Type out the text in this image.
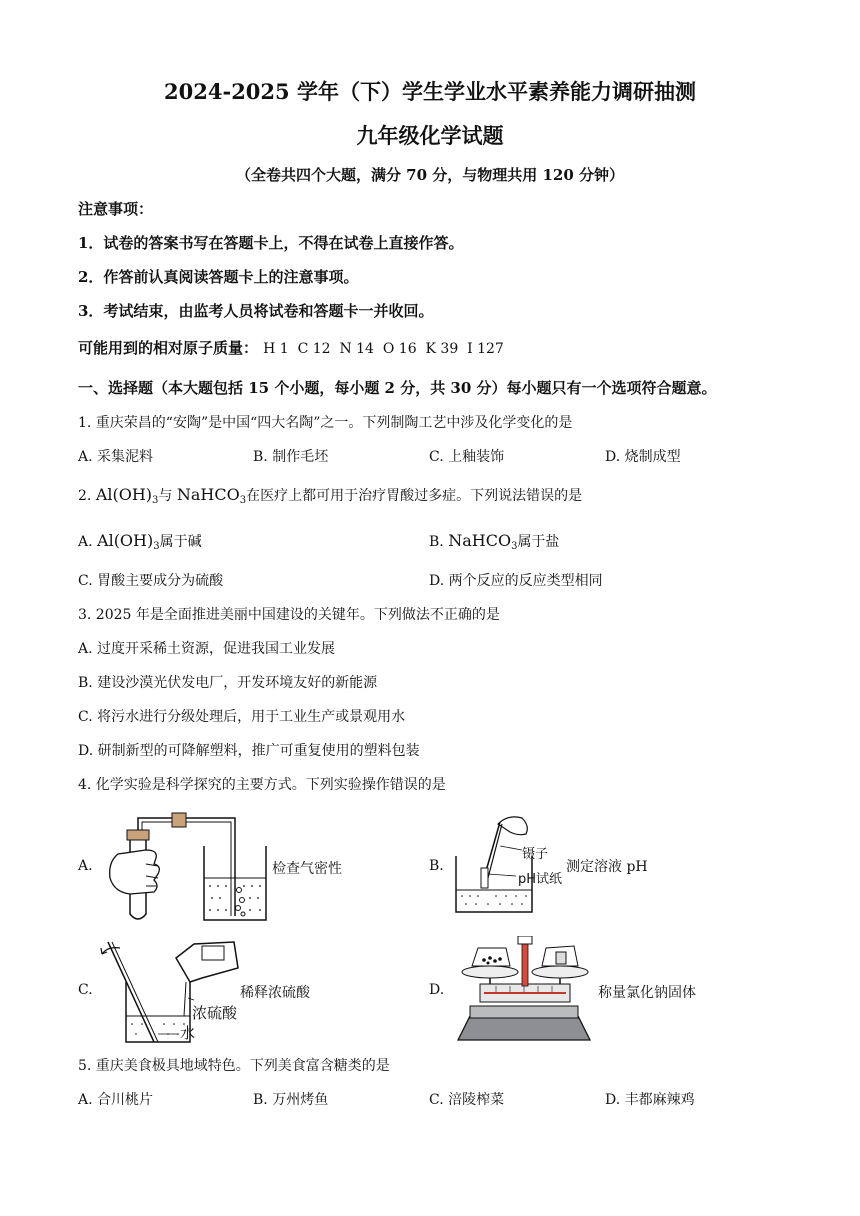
2024-2025 学年（下）学生学业水平素养能力调研抽测
九年级化学试题
（全卷共四个大题，满分 70 分，与物理共用 120 分钟）
注意事项：
1．试卷的答案书写在答题卡上，不得在试卷上直接作答。
2．作答前认真阅读答题卡上的注意事项。
3．考试结束，由监考人员将试卷和答题卡一并收回。
可能用到的相对原子质量： H 1  C 12  N 14  O 16  K 39  I 127
一、选择题（本大题包括 15 个小题，每小题 2 分，共 30 分）每小题只有一个选项符合题意。
1. 重庆荣昌的“安陶”是中国“四大名陶”之一。下列制陶工艺中涉及化学变化的是
A. 采集泥料	B. 制作毛坯	C. 上釉装饰	D. 烧制成型
2. $Al(OH)_3$与 NaHCO$_3$在医疗上都可用于治疗胃酸过多症。下列说法错误的是
A. $Al(OH)_3$属于碱	B. NaHCO$_3$属于盐
C. 胃酸主要成分为硫酸	D. 两个反应的反应类型相同
3. 2025 年是全面推进美丽中国建设的关键年。下列做法不正确的是
A. 过度开采稀土资源，促进我国工业发展
B. 建设沙漠光伏发电厂，开发环境友好的新能源
C. 将污水进行分级处理后，用于工业生产或景观用水
D. 研制新型的可降解塑料，推广可重复使用的塑料包装
4. 化学实验是科学探究的主要方式。下列实验操作错误的是
A.	检查气密性	B.
镊子
pH试纸
测定溶液 pH
C.
浓硫酸
水
稀释浓硫酸	D.	称量氯化钠固体
5. 重庆美食极具地域特色。下列美食富含糖类的是
A. 合川桃片	B. 万州烤鱼	C. 涪陵榨菜	D. 丰都麻辣鸡
